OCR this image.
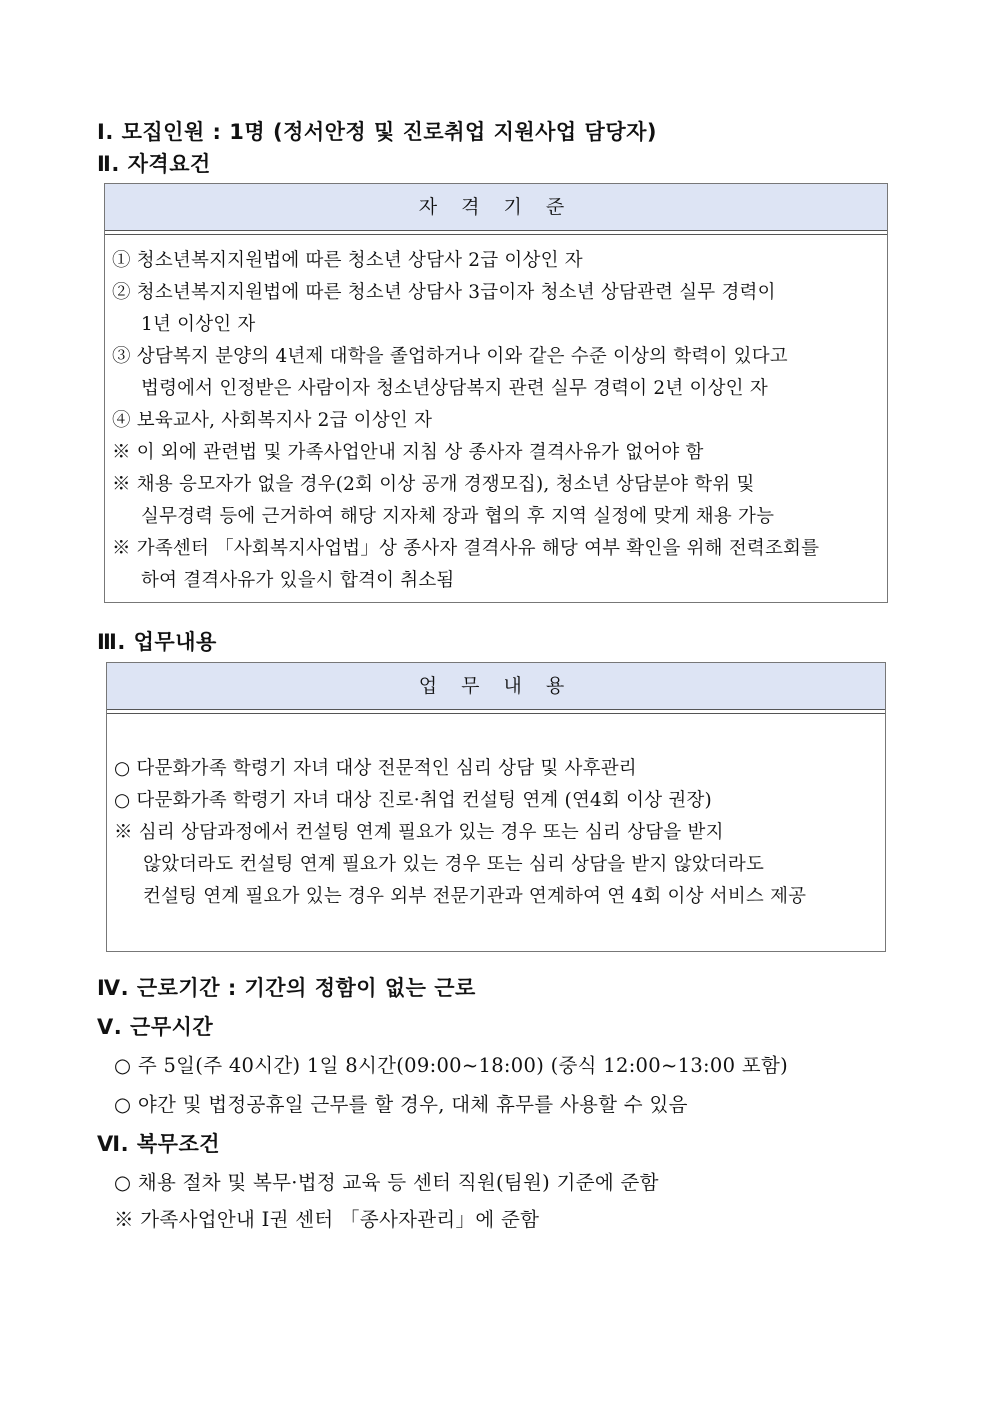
Ⅰ. 모집인원 : 1명 (정서안정 및 진로취업 지원사업 담당자)
Ⅱ. 자격요건
자 격 기 준
① 청소년복지지원법에 따른 청소년 상담사 2급 이상인 자
② 청소년복지지원법에 따른 청소년 상담사 3급이자 청소년 상담관련 실무 경력이
1년 이상인 자
③ 상담복지 분양의 4년제 대학을 졸업하거나 이와 같은 수준 이상의 학력이 있다고
법령에서 인정받은 사람이자 청소년상담복지 관련 실무 경력이 2년 이상인 자
④ 보육교사, 사회복지사 2급 이상인 자
※ 이 외에 관련법 및 가족사업안내 지침 상 종사자 결격사유가 없어야 함
※ 채용 응모자가 없을 경우(2회 이상 공개 경쟁모집), 청소년 상담분야 학위 및
실무경력 등에 근거하여 해당 지자체 장과 협의 후 지역 실정에 맞게 채용 가능
※ 가족센터 「사회복지사업법」상 종사자 결격사유 해당 여부 확인을 위해 전력조회를
하여 결격사유가 있을시 합격이 취소됨
Ⅲ. 업무내용
업 무 내 용
○ 다문화가족 학령기 자녀 대상 전문적인 심리 상담 및 사후관리
○ 다문화가족 학령기 자녀 대상 진로·취업 컨설팅 연계 (연4회 이상 권장)
※ 심리 상담과정에서 컨설팅 연계 필요가 있는 경우 또는 심리 상담을 받지
않았더라도 컨설팅 연계 필요가 있는 경우 또는 심리 상담을 받지 않았더라도
컨설팅 연계 필요가 있는 경우 외부 전문기관과 연계하여 연 4회 이상 서비스 제공
Ⅳ. 근로기간 : 기간의 정함이 없는 근로
Ⅴ. 근무시간
○ 주 5일(주 40시간) 1일 8시간(09:00~18:00) (중식 12:00~13:00 포함)
○ 야간 및 법정공휴일 근무를 할 경우, 대체 휴무를 사용할 수 있음
Ⅵ. 복무조건
○ 채용 절차 및 복무·법정 교육 등 센터 직원(팀원) 기준에 준함
※ 가족사업안내 Ⅰ권 센터 「종사자관리」에 준함
